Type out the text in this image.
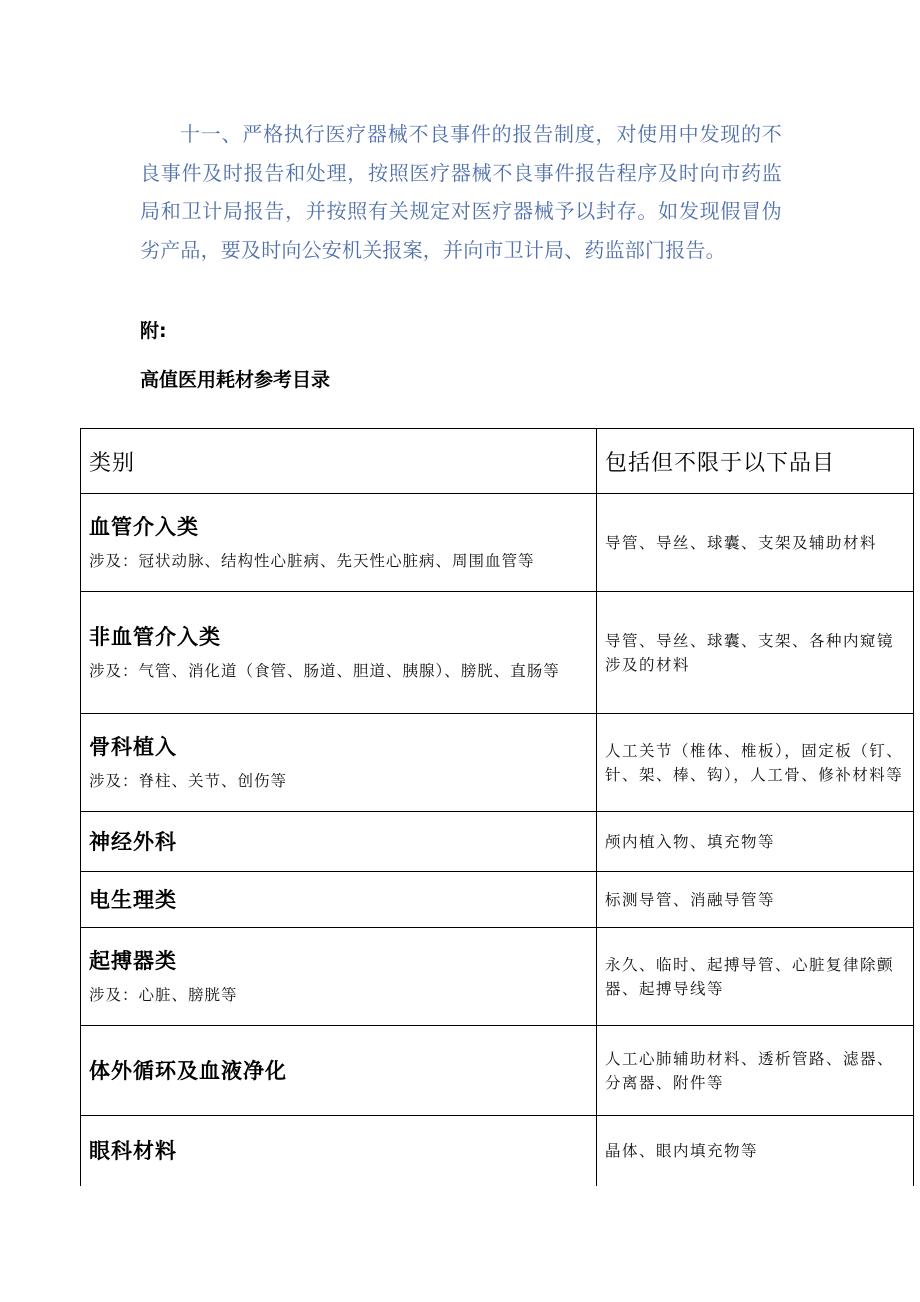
十一、严格执行医疗器械不良事件的报告制度，对使用中发现的不良事件及时报告和处理，按照医疗器械不良事件报告程序及时向市药监局和卫计局报告，并按照有关规定对医疗器械予以封存。如发现假冒伪劣产品，要及时向公安机关报案，并向市卫计局、药监部门报告。
附:
高值医用耗材参考目录
类别	包括但不限于以下品目

血管介入类
涉及：冠状动脉、结构性心脏病、先天性心脏病、周围血管等	导管、导丝、球囊、支架及辅助材料

非血管介入类
涉及：气管、消化道（食管、肠道、胆道、胰腺）、膀胱、直肠等	导管、导丝、球囊、支架、各种内窥镜涉及的材料

骨科植入
涉及：脊柱、关节、创伤等	人工关节（椎体、椎板），固定板（钉、针、架、棒、钩），人工骨、修补材料等

神经外科	颅内植入物、填充物等

电生理类	标测导管、消融导管等

起搏器类
涉及：心脏、膀胱等	永久、临时、起搏导管、心脏复律除颤器、起搏导线等

体外循环及血液净化	人工心肺辅助材料、透析管路、滤器、分离器、附件等

眼科材料	晶体、眼内填充物等
